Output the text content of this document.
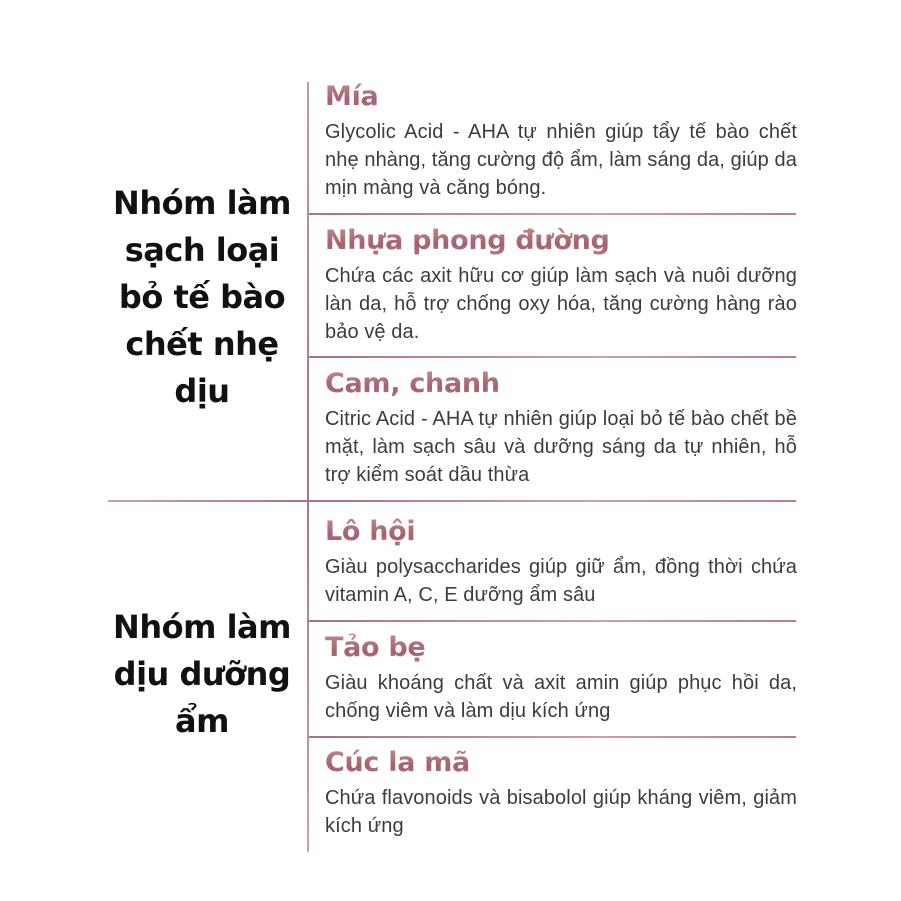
Nhóm làm
sạch loại
bỏ tế bào
chết nhẹ
dịu
Nhóm làm
dịu dưỡng
ẩm
Mía
Glycolic Acid - AHA tự nhiên giúp tẩy tế bào chết nhẹ nhàng, tăng cường độ ẩm, làm sáng da, giúp da mịn màng và căng bóng.
Nhựa phong đường
Chứa các axit hữu cơ giúp làm sạch và nuôi dưỡng làn da, hỗ trợ chống oxy hóa, tăng cường hàng rào bảo vệ da.
Cam, chanh
Citric Acid - AHA tự nhiên giúp loại bỏ tế bào chết bề mặt, làm sạch sâu và dưỡng sáng da tự nhiên, hỗ trợ kiểm soát dầu thừa
Lô hội
Giàu polysaccharides giúp giữ ẩm, đồng thời chứa vitamin A, C, E dưỡng ẩm sâu
Tảo bẹ
Giàu khoáng chất và axit amin giúp phục hồi da, chống viêm và làm dịu kích ứng
Cúc la mã
Chứa flavonoids và bisabolol giúp kháng viêm, giảm kích ứng
